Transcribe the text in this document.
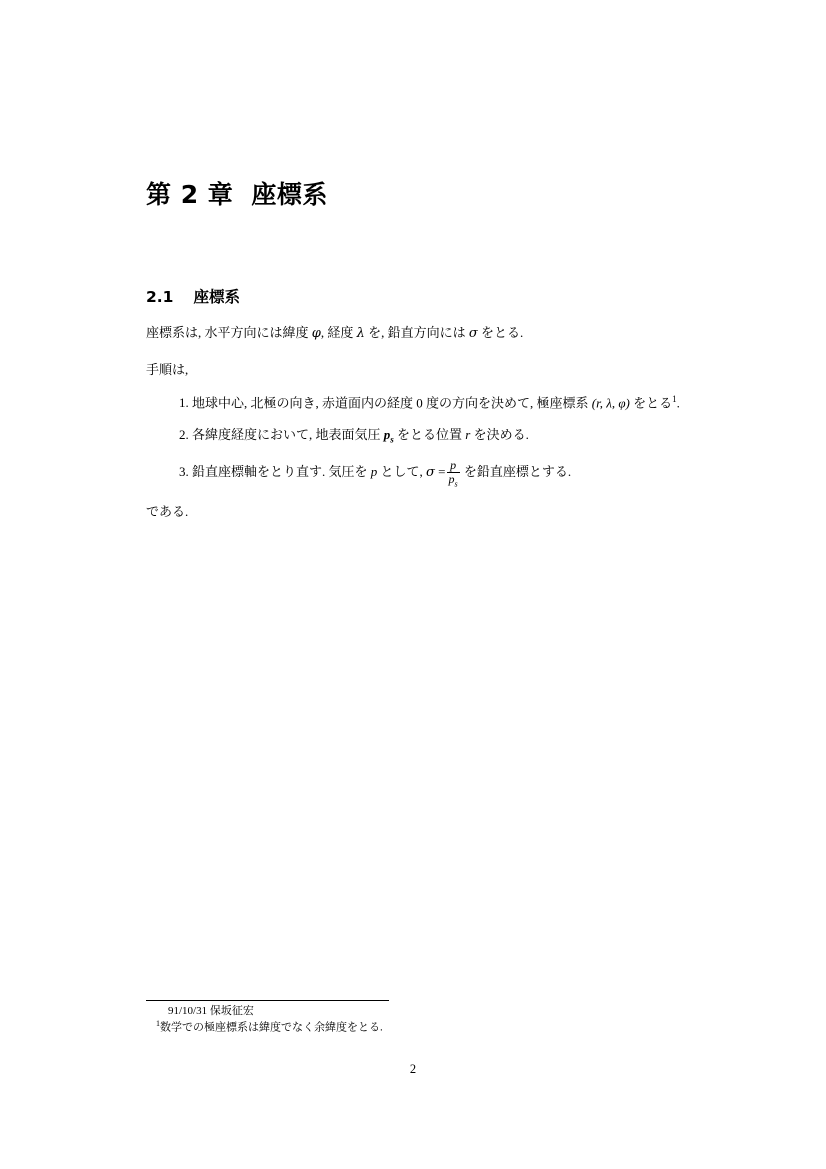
第 2 章 座標系
2.1 座標系

座標系は, 水平方向には緯度 φ, 経度 λ を, 鉛直方向には σ をとる.

手順は,

1. 地球中心, 北極の向き, 赤道面内の経度 0 度の方向を決めて, 極座標系 (r, λ, φ) をとる$^1$.
2. 各緯度経度において, 地表面気圧 $p_s$ をとる位置 r を決める.
3. 鉛直座標軸をとり直す. 気圧を p として, $\sigma = \frac{p}{p_s}$ を鉛直座標とする.

である.

91/10/31 保坂征宏

$^1$数学での極座標系は緯度でなく余緯度をとる.

2
